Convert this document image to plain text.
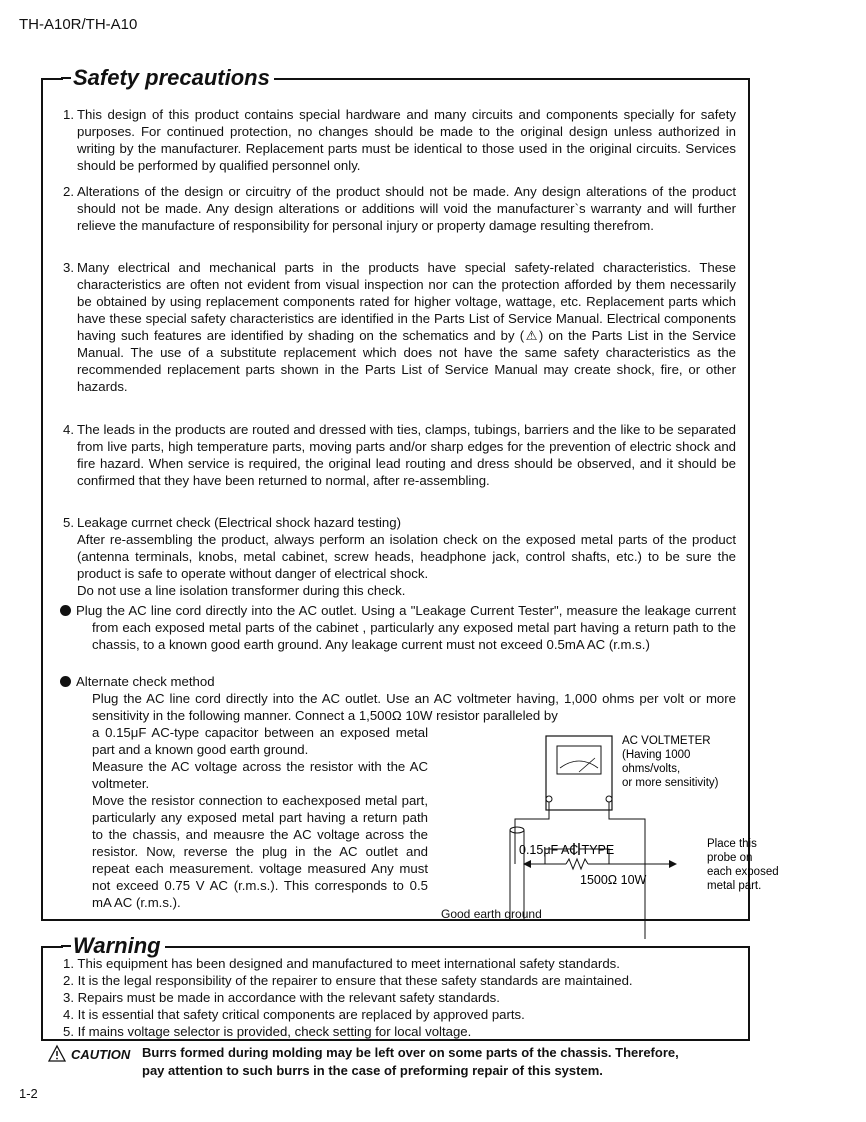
TH-A10R/TH-A10
Safety precautions
1. This design of this product contains special hardware and many circuits and components specially for safety purposes. For continued protection, no changes should be made to the original design unless authorized in writing by the manufacturer. Replacement parts must be identical to those used in the original circuits. Services should be performed by qualified personnel only.
2. Alterations of the design or circuitry of the product should not be made. Any design alterations of the product should not be made. Any design alterations or additions will void the manufacturer`s warranty and will further relieve the manufacture of responsibility for personal injury or property damage resulting therefrom.
3. Many electrical and mechanical parts in the products have special safety-related characteristics. These characteristics are often not evident from visual inspection nor can the protection afforded by them necessarily be obtained by using replacement components rated for higher voltage, wattage, etc. Replacement parts which have these special safety characteristics are identified in the Parts List of Service Manual. Electrical components having such features are identified by shading on the schematics and by (⚠) on the Parts List in the Service Manual. The use of a substitute replacement which does not have the same safety characteristics as the recommended replacement parts shown in the Parts List of Service Manual may create shock, fire, or other hazards.
4. The leads in the products are routed and dressed with ties, clamps, tubings, barriers and the like to be separated from live parts, high temperature parts, moving parts and/or sharp edges for the prevention of electric shock and fire hazard. When service is required, the original lead routing and dress should be observed, and it should be confirmed that they have been returned to normal, after re-assembling.
5. Leakage currnet check (Electrical shock hazard testing)
After re-assembling the product, always perform an isolation check on the exposed metal parts of the product (antenna terminals, knobs, metal cabinet, screw heads, headphone jack, control shafts, etc.) to be sure the product is safe to operate without danger of electrical shock.
Do not use a line isolation transformer during this check.
Plug the AC line cord directly into the AC outlet. Using a "Leakage Current Tester", measure the leakage current from each exposed metal parts of the cabinet , particularly any exposed metal part having a return path to the chassis, to a known good earth ground. Any leakage current must not exceed 0.5mA AC (r.m.s.)
Alternate check method
Plug the AC line cord directly into the AC outlet. Use an AC voltmeter having, 1,000 ohms per volt or more sensitivity in the following manner. Connect a 1,500Ω 10W resistor paralleled by
a 0.15μF AC-type capacitor between an exposed metal part and a known good earth ground.
Measure the AC voltage across the resistor with the AC voltmeter.
Move the resistor connection to eachexposed metal part, particularly any exposed metal part having a return path to the chassis, and meausre the AC voltage across the resistor. Now, reverse the plug in the AC outlet and repeat each measurement. voltage measured Any must not exceed 0.75 V AC (r.m.s.). This corresponds to 0.5 mA AC (r.m.s.).
AC VOLTMETER
(Having 1000
ohms/volts,
or more sensitivity)
0.15μF AC TYPE
1500Ω 10W
Place this
probe on
each exposed
metal part.
Good earth ground
Warning
1. This equipment has been designed and manufactured to meet international safety standards.
2. It is the legal responsibility of the repairer to ensure that these safety standards are maintained.
3. Repairs must be made in accordance with the relevant safety standards.
4. It is essential that safety critical components are replaced by approved parts.
5. If mains voltage selector is provided, check setting for local voltage.
CAUTION Burrs formed during molding may be left over on some parts of the chassis. Therefore,
pay attention to such burrs in the case of preforming repair of this system.
1-2
